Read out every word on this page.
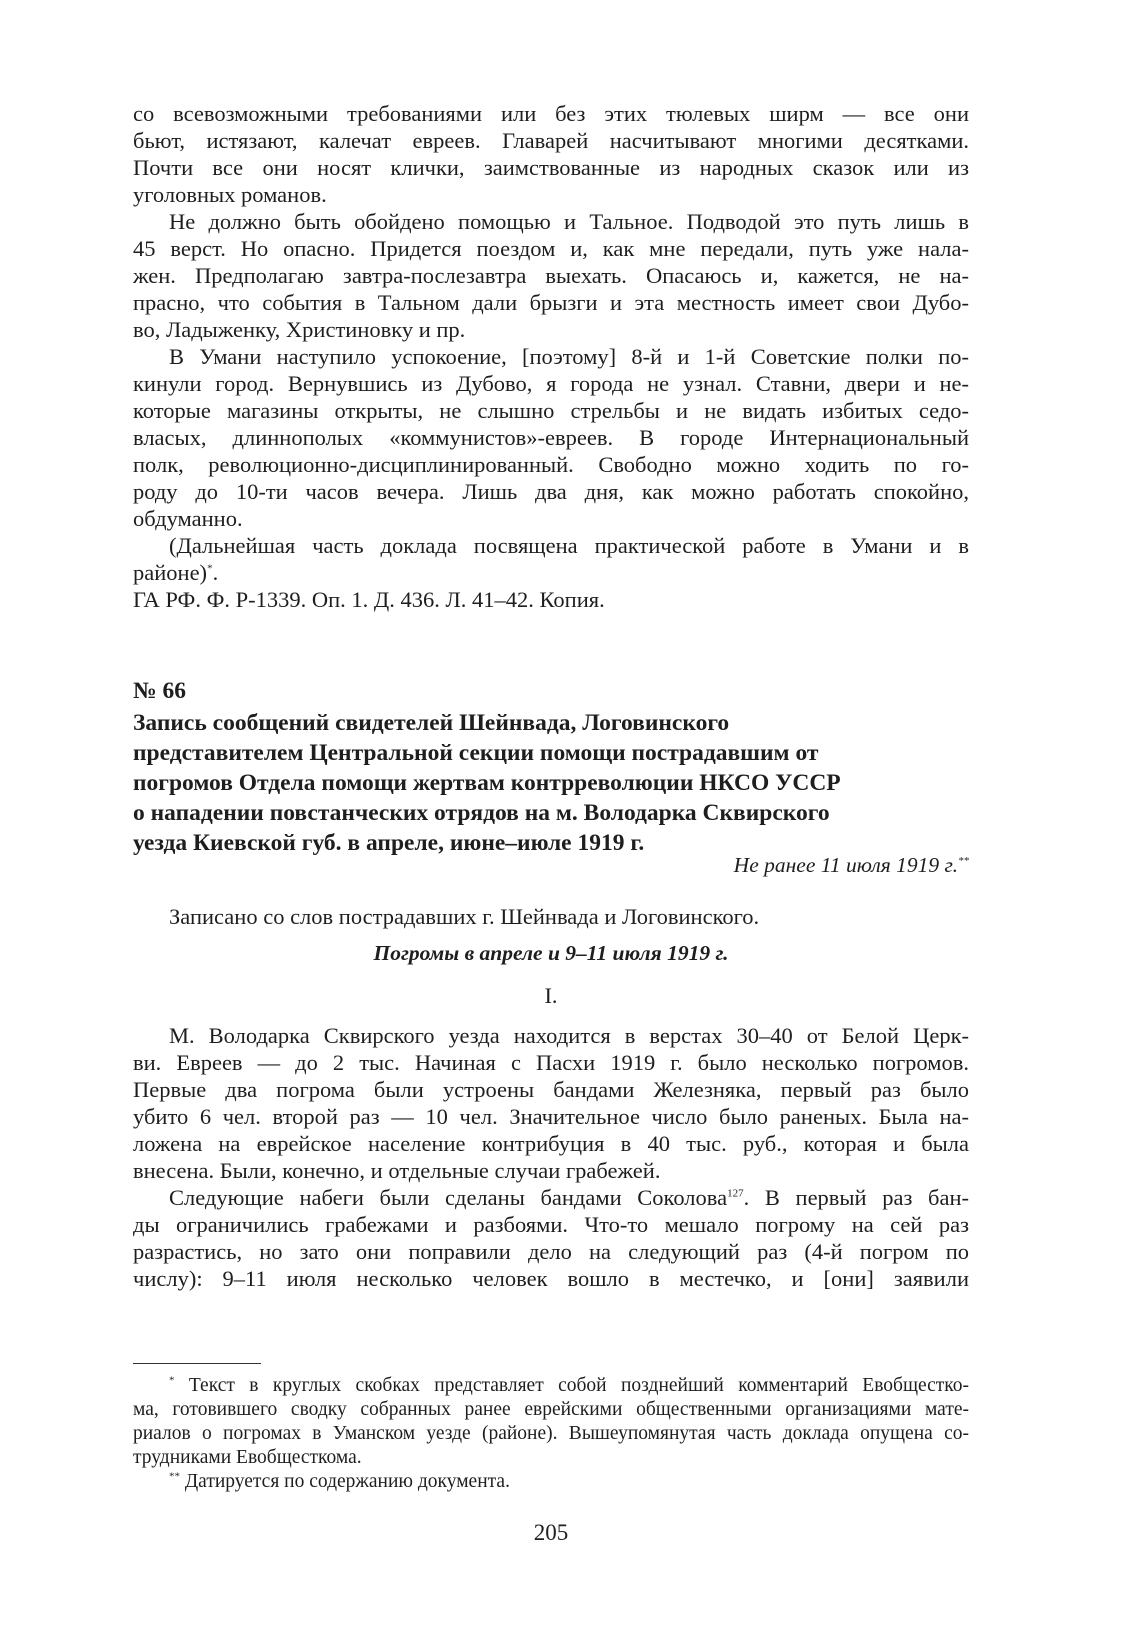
со всевозможными требованиями или без этих тюлевых ширм — все они
бьют, истязают, калечат евреев. Главарей насчитывают многими десятками.
Почти все они носят клички, заимствованные из народных сказок или из
уголовных романов.
Не должно быть обойдено помощью и Тальное. Подводой это путь лишь в
45 верст. Но опасно. Придется поездом и, как мне передали, путь уже нала-
жен. Предполагаю завтра-послезавтра выехать. Опасаюсь и, кажется, не на-
прасно, что события в Тальном дали брызги и эта местность имеет свои Дубо-
во, Ладыженку, Христиновку и пр.
В Умани наступило успокоение, [поэтому] 8-й и 1-й Советские полки по-
кинули город. Вернувшись из Дубово, я города не узнал. Ставни, двери и не-
которые магазины открыты, не слышно стрельбы и не видать избитых седо-
власых, длиннополых «коммунистов»-евреев. В городе Интернациональный
полк, революционно-дисциплинированный. Свободно можно ходить по го-
роду до 10-ти часов вечера. Лишь два дня, как можно работать спокойно,
обдуманно.
(Дальнейшая часть доклада посвящена практической работе в Умани и в
районе)*.
ГА РФ. Ф. Р-1339. Оп. 1. Д. 436. Л. 41–42. Копия.
№ 66
Запись сообщений свидетелей Шейнвада, Логовинского
представителем Центральной секции помощи пострадавшим от
погромов Отдела помощи жертвам контрреволюции НКСО УССР
о нападении повстанческих отрядов на м. Володарка Сквирского
уезда Киевской губ. в апреле, июне–июле 1919 г.
Не ранее 11 июля 1919 г.**
Записано со слов пострадавших г. Шейнвада и Логовинского.
Погромы в апреле и 9–11 июля 1919 г.
I.
М. Володарка Сквирского уезда находится в верстах 30–40 от Белой Церк-
ви. Евреев — до 2 тыс. Начиная с Пасхи 1919 г. было несколько погромов.
Первые два погрома были устроены бандами Железняка, первый раз было
убито 6 чел. второй раз — 10 чел. Значительное число было раненых. Была на-
ложена на еврейское население контрибуция в 40 тыс. руб., которая и была
внесена. Были, конечно, и отдельные случаи грабежей.
Следующие набеги были сделаны бандами Соколова$^{127}$. В первый раз бан-
ды ограничились грабежами и разбоями. Что-то мешало погрому на сей раз
разрастись, но зато они поправили дело на следующий раз (4-й погром по
числу): 9–11 июля несколько человек вошло в местечко, и [они] заявили
* Текст в круглых скобках представляет собой позднейший комментарий Евобщестко-
ма, готовившего сводку собранных ранее еврейскими общественными организациями мате-
риалов о погромах в Уманском уезде (районе). Вышеупомянутая часть доклада опущена со-
трудниками Евобщесткома.
** Датируется по содержанию документа.
205
